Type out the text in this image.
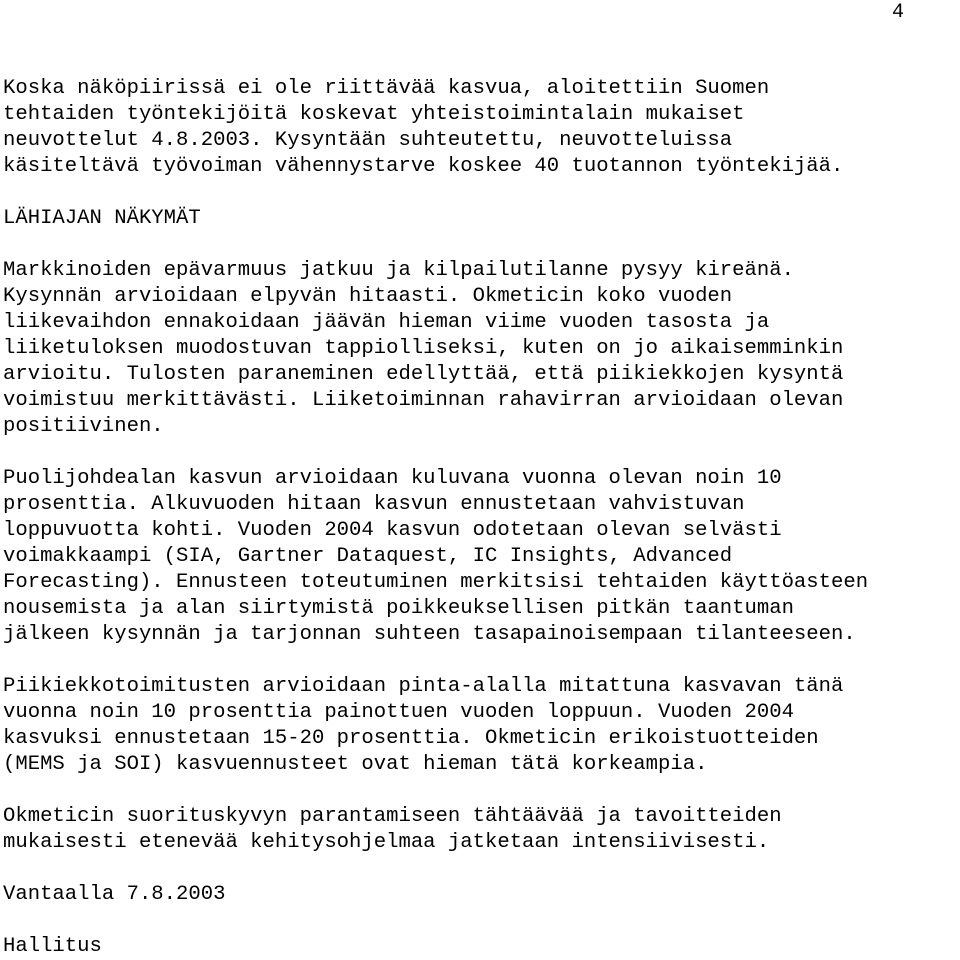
4
Koska näköpiirissä ei ole riittävää kasvua, aloitettiin Suomen
tehtaiden työntekijöitä koskevat yhteistoimintalain mukaiset
neuvottelut 4.8.2003. Kysyntään suhteutettu, neuvotteluissa
käsiteltävä työvoiman vähennystarve koskee 40 tuotannon työntekijää.
LÄHIAJAN NÄKYMÄT
Markkinoiden epävarmuus jatkuu ja kilpailutilanne pysyy kireänä.
Kysynnän arvioidaan elpyvän hitaasti. Okmeticin koko vuoden
liikevaihdon ennakoidaan jäävän hieman viime vuoden tasosta ja
liiketuloksen muodostuvan tappiolliseksi, kuten on jo aikaisemminkin
arvioitu. Tulosten paraneminen edellyttää, että piikiekkojen kysyntä
voimistuu merkittävästi. Liiketoiminnan rahavirran arvioidaan olevan
positiivinen.
Puolijohdealan kasvun arvioidaan kuluvana vuonna olevan noin 10
prosenttia. Alkuvuoden hitaan kasvun ennustetaan vahvistuvan
loppuvuotta kohti. Vuoden 2004 kasvun odotetaan olevan selvästi
voimakkaampi (SIA, Gartner Dataquest, IC Insights, Advanced
Forecasting). Ennusteen toteutuminen merkitsisi tehtaiden käyttöasteen
nousemista ja alan siirtymistä poikkeuksellisen pitkän taantuman
jälkeen kysynnän ja tarjonnan suhteen tasapainoisempaan tilanteeseen.
Piikiekkotoimitusten arvioidaan pinta-alalla mitattuna kasvavan tänä
vuonna noin 10 prosenttia painottuen vuoden loppuun. Vuoden 2004
kasvuksi ennustetaan 15-20 prosenttia. Okmeticin erikoistuotteiden
(MEMS ja SOI) kasvuennusteet ovat hieman tätä korkeampia.
Okmeticin suorituskyvyn parantamiseen tähtäävää ja tavoitteiden
mukaisesti etenevää kehitysohjelmaa jatketaan intensiivisesti.
Vantaalla 7.8.2003
Hallitus
